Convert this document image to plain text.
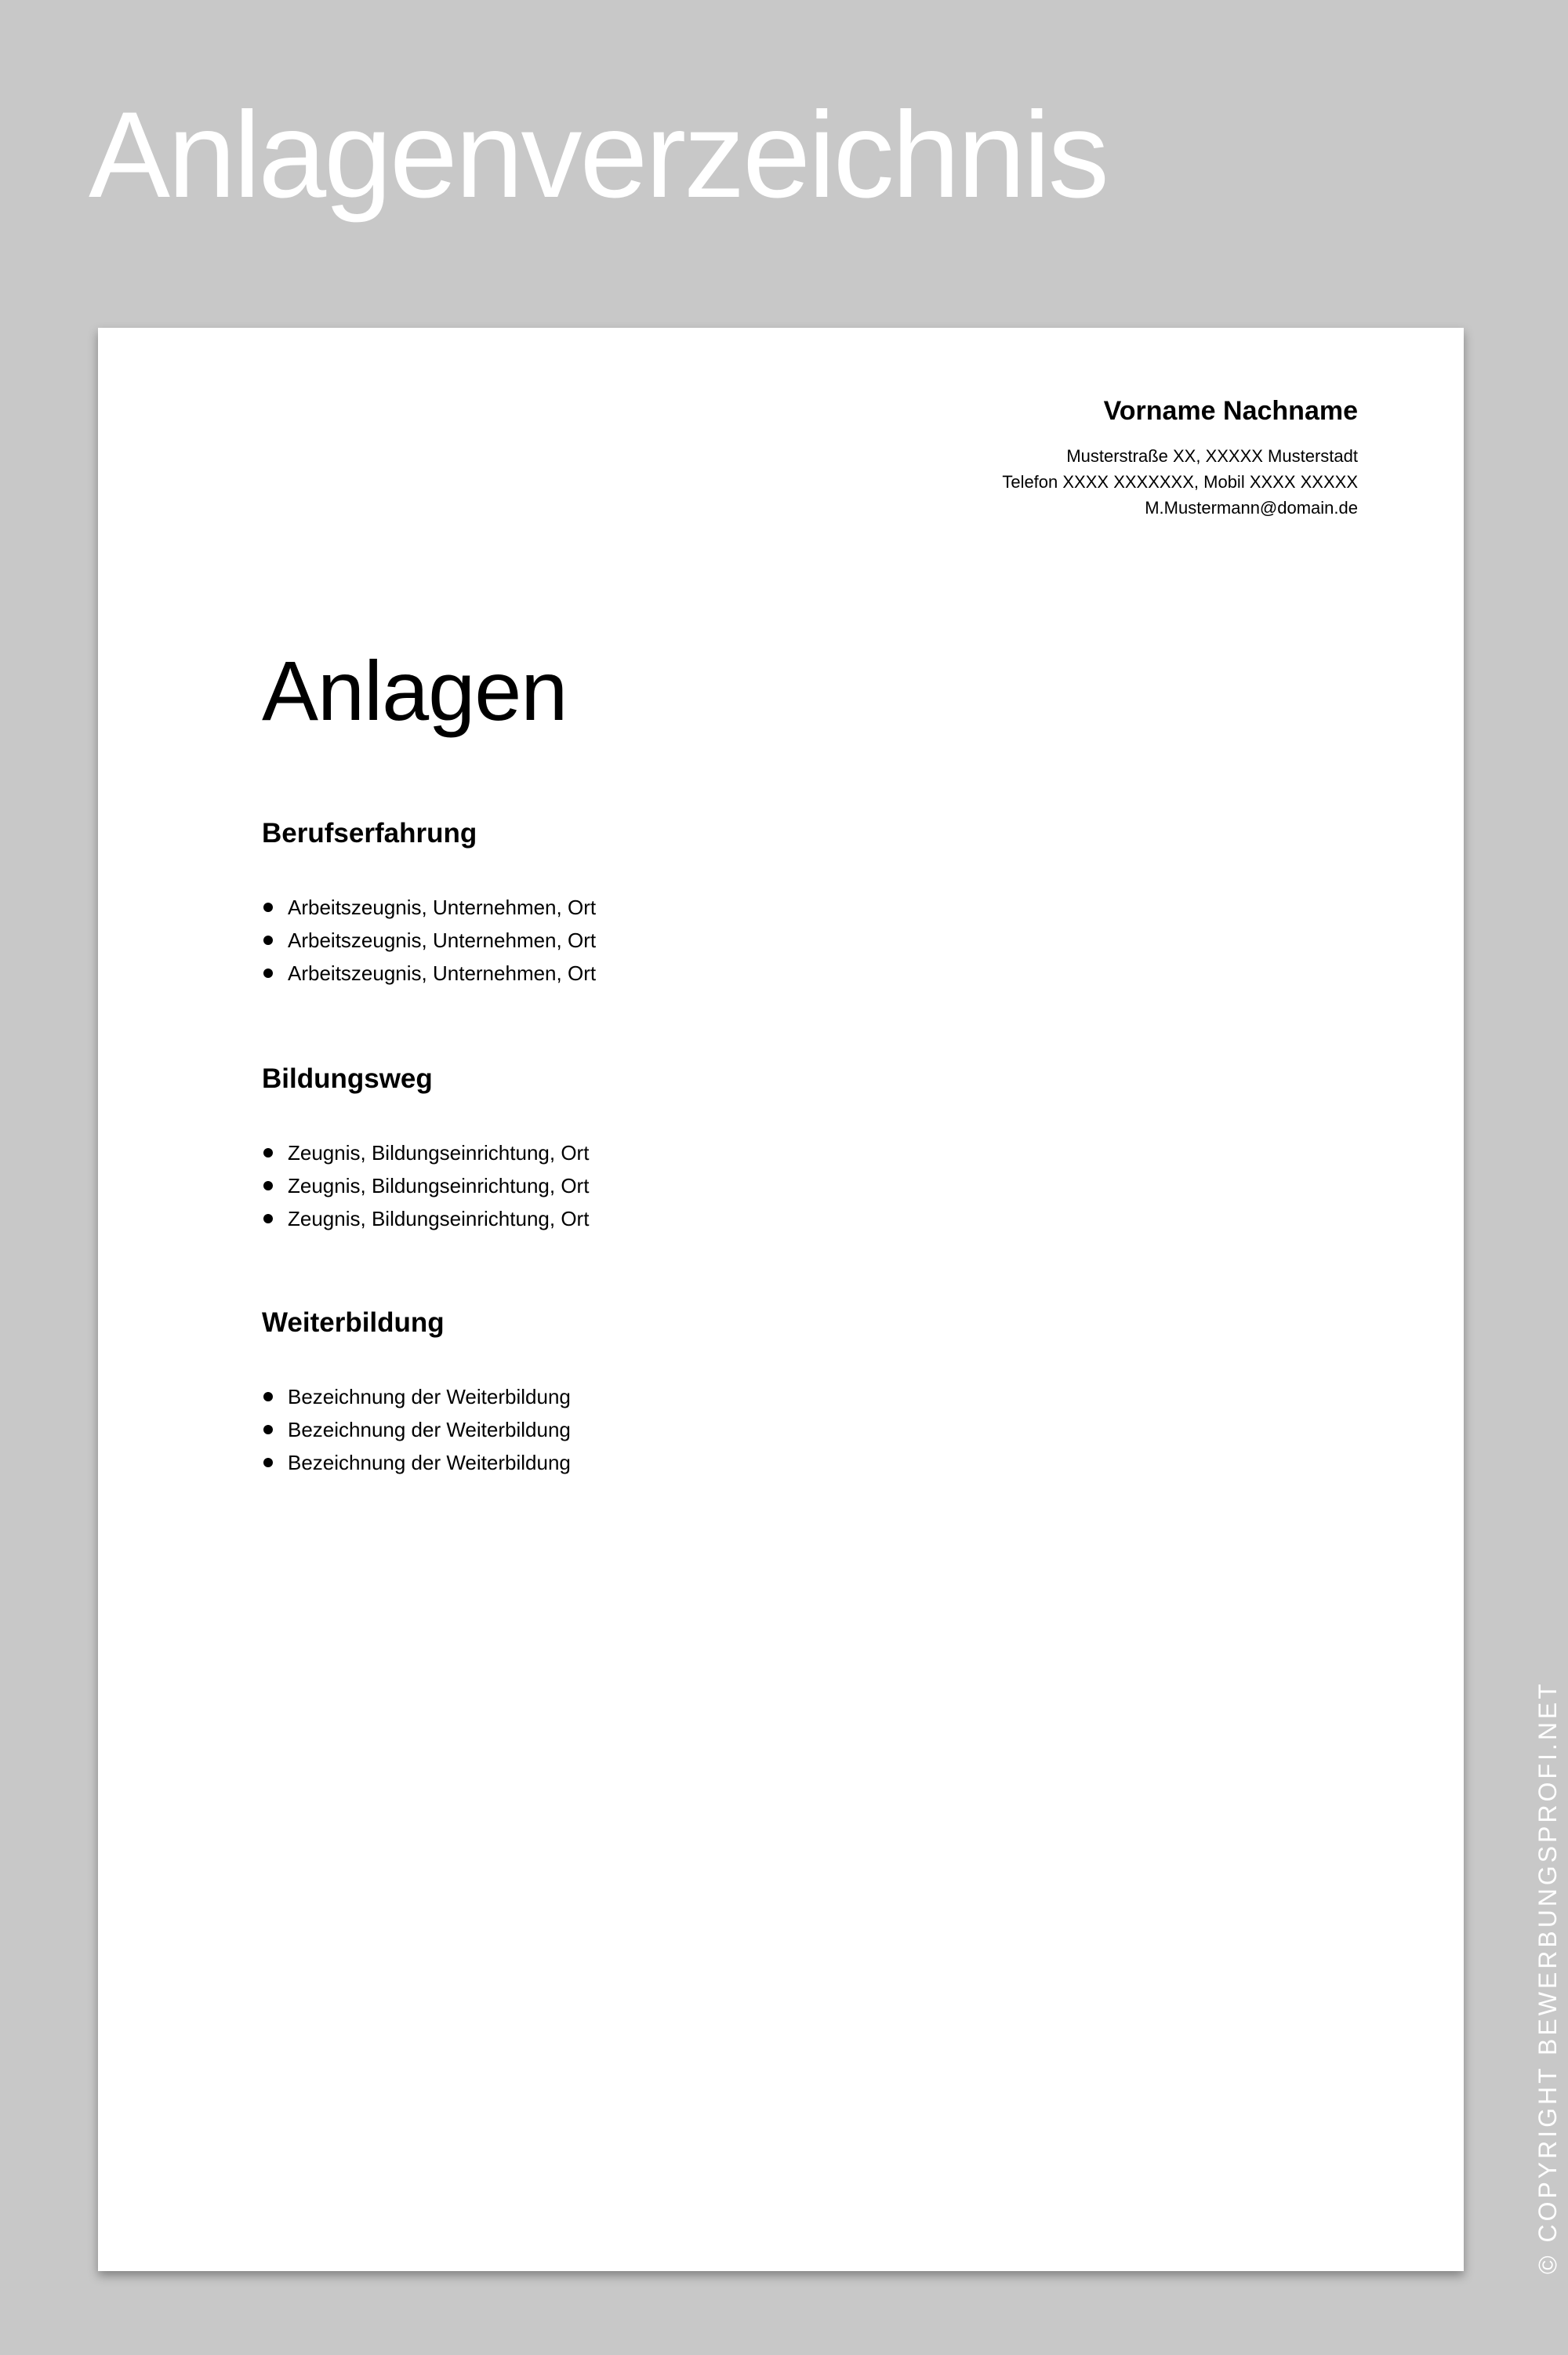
Anlagenverzeichnis
Vorname Nachname
Musterstraße XX, XXXXX Musterstadt
Telefon XXXX XXXXXXX, Mobil XXXX XXXXX
M.Mustermann@domain.de
Anlagen
Berufserfahrung
Arbeitszeugnis, Unternehmen, Ort
Arbeitszeugnis, Unternehmen, Ort
Arbeitszeugnis, Unternehmen, Ort
Bildungsweg
Zeugnis, Bildungseinrichtung, Ort
Zeugnis, Bildungseinrichtung, Ort
Zeugnis, Bildungseinrichtung, Ort
Weiterbildung
Bezeichnung der Weiterbildung
Bezeichnung der Weiterbildung
Bezeichnung der Weiterbildung
© COPYRIGHT BEWERBUNGSPROFI.NET
